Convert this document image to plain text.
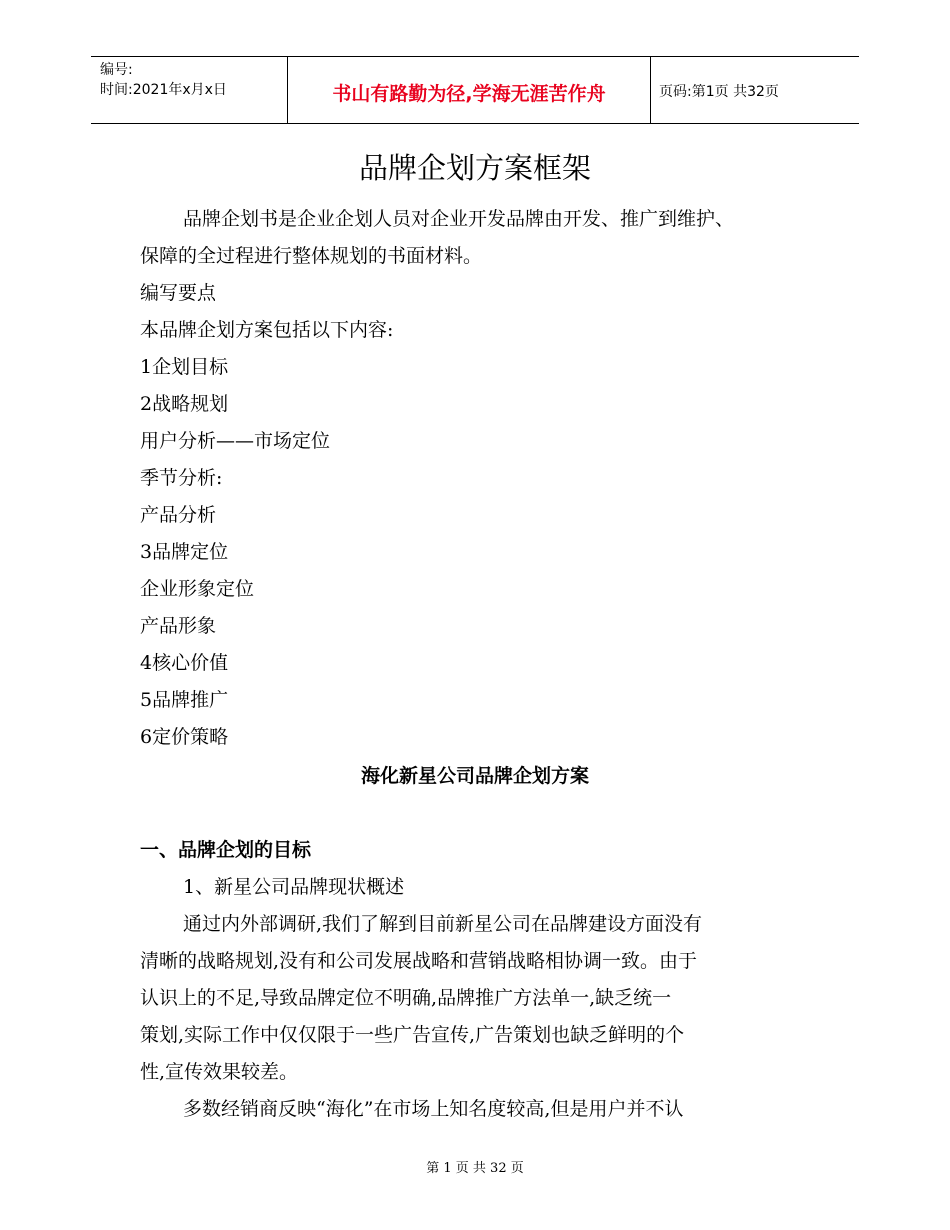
编号:
时间:2021年x月x日	书山有路勤为径,学海无涯苦作舟	页码:第1页 共32页
品牌企划方案框架
品牌企划书是企业企划人员对企业开发品牌由开发、推广到维护、
保障的全过程进行整体规划的书面材料。
编写要点
本品牌企划方案包括以下内容:
1企划目标
2战略规划
用户分析——市场定位
季节分析:
产品分析
3品牌定位
企业形象定位
产品形象
4核心价值
5品牌推广
6定价策略
海化新星公司品牌企划方案
一、品牌企划的目标
1、新星公司品牌现状概述
通过内外部调研,我们了解到目前新星公司在品牌建设方面没有
清晰的战略规划,没有和公司发展战略和营销战略相协调一致。由于
认识上的不足,导致品牌定位不明确,品牌推广方法单一,缺乏统一
策划,实际工作中仅仅限于一些广告宣传,广告策划也缺乏鲜明的个
性,宣传效果较差。
多数经销商反映“海化”在市场上知名度较高,但是用户并不认
第 1 页 共 32 页
